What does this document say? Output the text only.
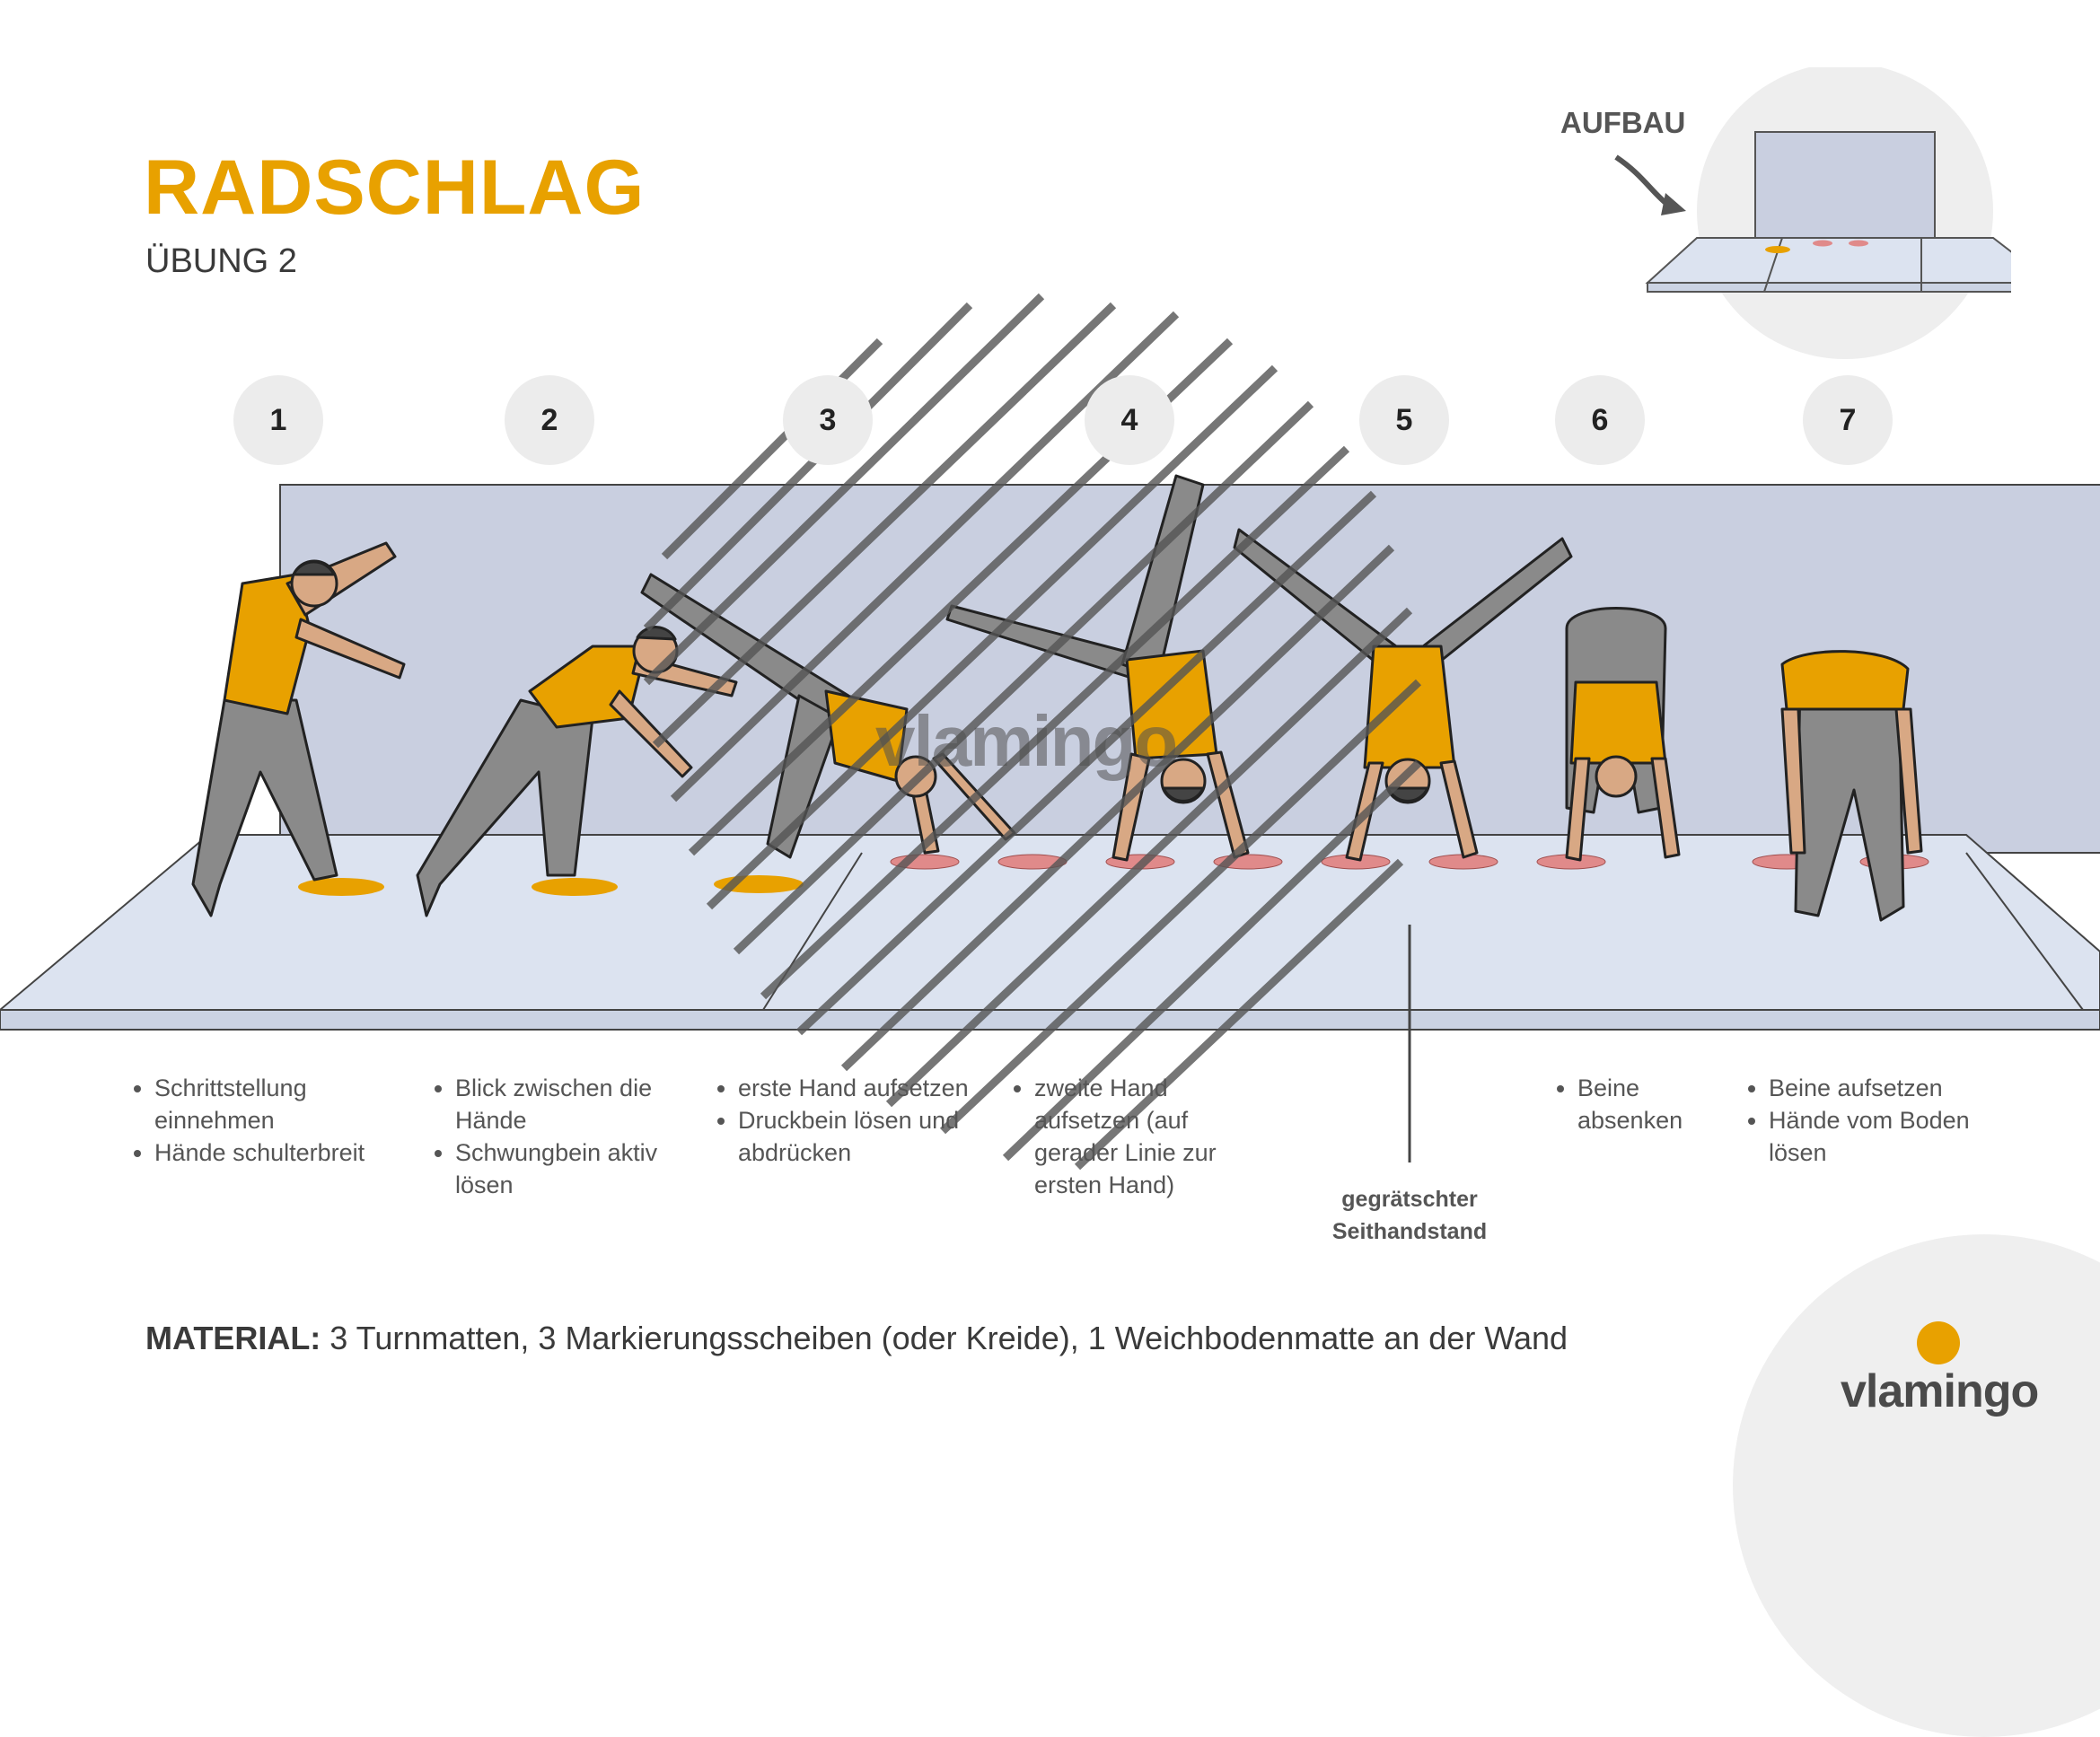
RADSCHLAG
ÜBUNG 2
AUFBAU
vlamingo
1	2	3	4	5	6	7
• Schrittstellung einnehmen
• Hände schulterbreit
• Blick zwischen die Hände
• Schwungbein aktiv lösen
• erste Hand aufsetzen
• Druckbein lösen und abdrücken
• zweite Hand aufsetzen (auf gerader Linie zur ersten Hand)
• Beine absenken
• Beine aufsetzen
• Hände vom Boden lösen
gegrätschter
Seithandstand
MATERIAL: 3 Turnmatten, 3 Markierungsscheiben (oder Kreide), 1 Weichbodenmatte an der Wand
vlamingo
